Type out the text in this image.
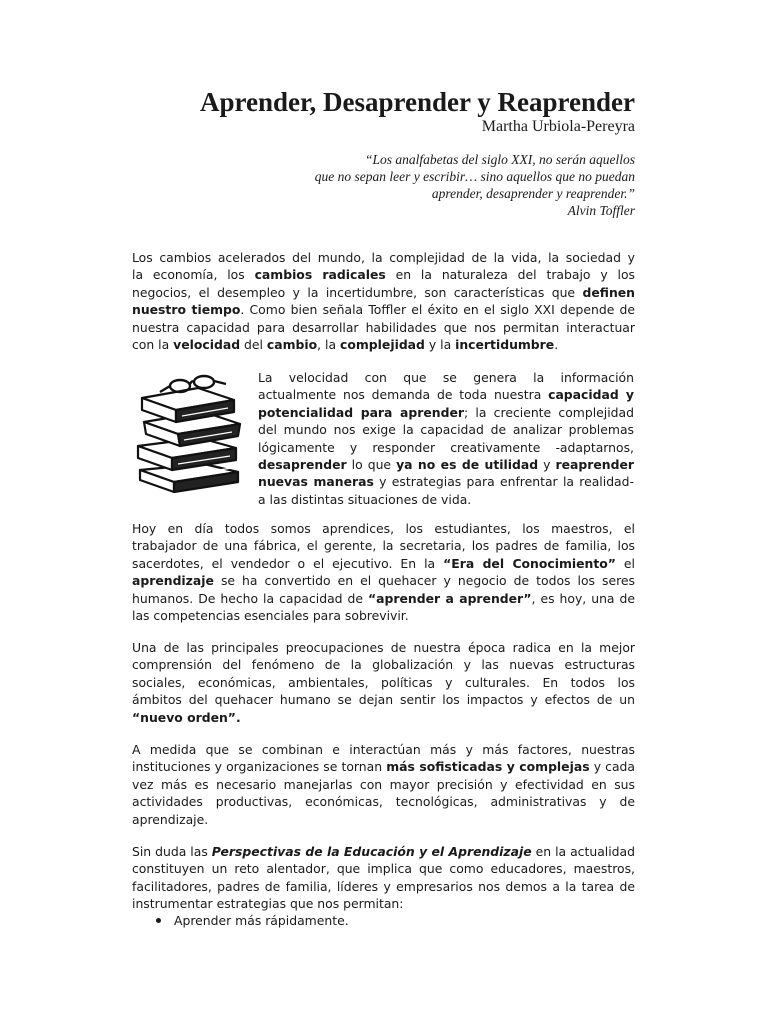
Aprender, Desaprender y Reaprender
Martha Urbiola-Pereyra
“Los analfabetas del siglo XXI, no serán aquellos
que no sepan leer y escribir… sino aquellos que no puedan
aprender, desaprender y reaprender.”
Alvin Toffler
Los cambios acelerados del mundo, la complejidad de la vida, la sociedad y
la economía, los cambios radicales en la naturaleza del trabajo y los
negocios, el desempleo y la incertidumbre, son características que definen
nuestro tiempo. Como bien señala Toffler el éxito en el siglo XXI depende de
nuestra capacidad para desarrollar habilidades que nos permitan interactuar
con la velocidad del cambio, la complejidad y la incertidumbre.
La velocidad con que se genera la información
actualmente nos demanda de toda nuestra capacidad y
potencialidad para aprender; la creciente complejidad
del mundo nos exige la capacidad de analizar problemas
lógicamente y responder creativamente -adaptarnos,
desaprender lo que ya no es de utilidad y reaprender
nuevas maneras y estrategias para enfrentar la realidad-
a las distintas situaciones de vida.
Hoy en día todos somos aprendices, los estudiantes, los maestros, el
trabajador de una fábrica, el gerente, la secretaria, los padres de familia, los
sacerdotes, el vendedor o el ejecutivo. En la “Era del Conocimiento” el
aprendizaje se ha convertido en el quehacer y negocio de todos los seres
humanos. De hecho la capacidad de “aprender a aprender”, es hoy, una de
las competencias esenciales para sobrevivir.
Una de las principales preocupaciones de nuestra época radica en la mejor
comprensión del fenómeno de la globalización y las nuevas estructuras
sociales, económicas, ambientales, políticas y culturales. En todos los
ámbitos del quehacer humano se dejan sentir los impactos y efectos de un
“nuevo orden”.
A medida que se combinan e interactúan más y más factores, nuestras
instituciones y organizaciones se tornan más sofisticadas y complejas y cada
vez más es necesario manejarlas con mayor precisión y efectividad en sus
actividades productivas, económicas, tecnológicas, administrativas y de
aprendizaje.
Sin duda las Perspectivas de la Educación y el Aprendizaje en la actualidad
constituyen un reto alentador, que implica que como educadores, maestros,
facilitadores, padres de familia, líderes y empresarios nos demos a la tarea de
instrumentar estrategias que nos permitan:
Aprender más rápidamente.
